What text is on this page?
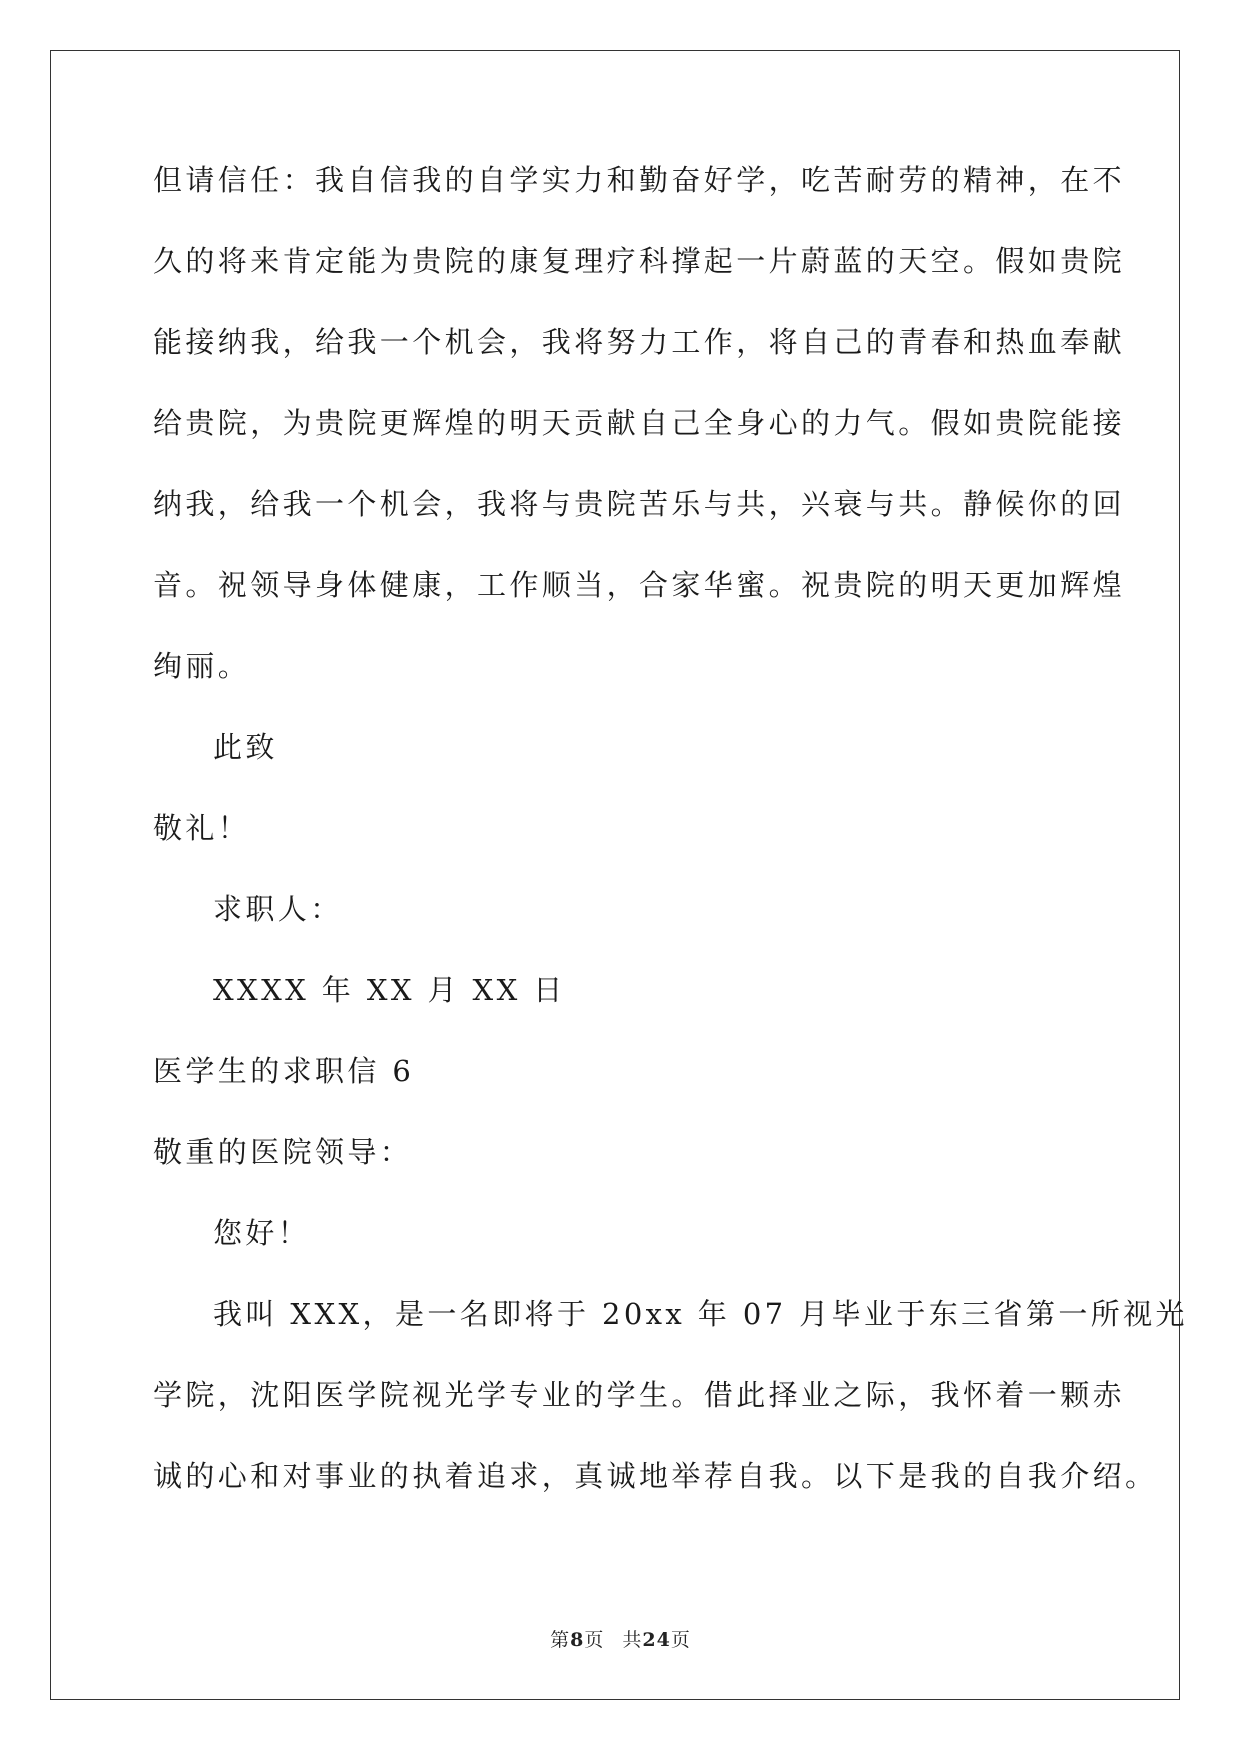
但请信任：我自信我的自学实力和勤奋好学，吃苦耐劳的精神，在不
久的将来肯定能为贵院的康复理疗科撑起一片蔚蓝的天空。假如贵院
能接纳我，给我一个机会，我将努力工作，将自己的青春和热血奉献
给贵院，为贵院更辉煌的明天贡献自己全身心的力气。假如贵院能接
纳我，给我一个机会，我将与贵院苦乐与共，兴衰与共。静候你的回
音。祝领导身体健康，工作顺当，合家华蜜。祝贵院的明天更加辉煌
绚丽。
此致
敬礼！
求职人：
XXXX 年 XX 月 XX 日
医学生的求职信 6
敬重的医院领导：
您好！
我叫 XXX，是一名即将于 20xx 年 07 月毕业于东三省第一所视光
学院，沈阳医学院视光学专业的学生。借此择业之际，我怀着一颗赤
诚的心和对事业的执着追求，真诚地举荐自我。以下是我的自我介绍。
第8页 共24页
